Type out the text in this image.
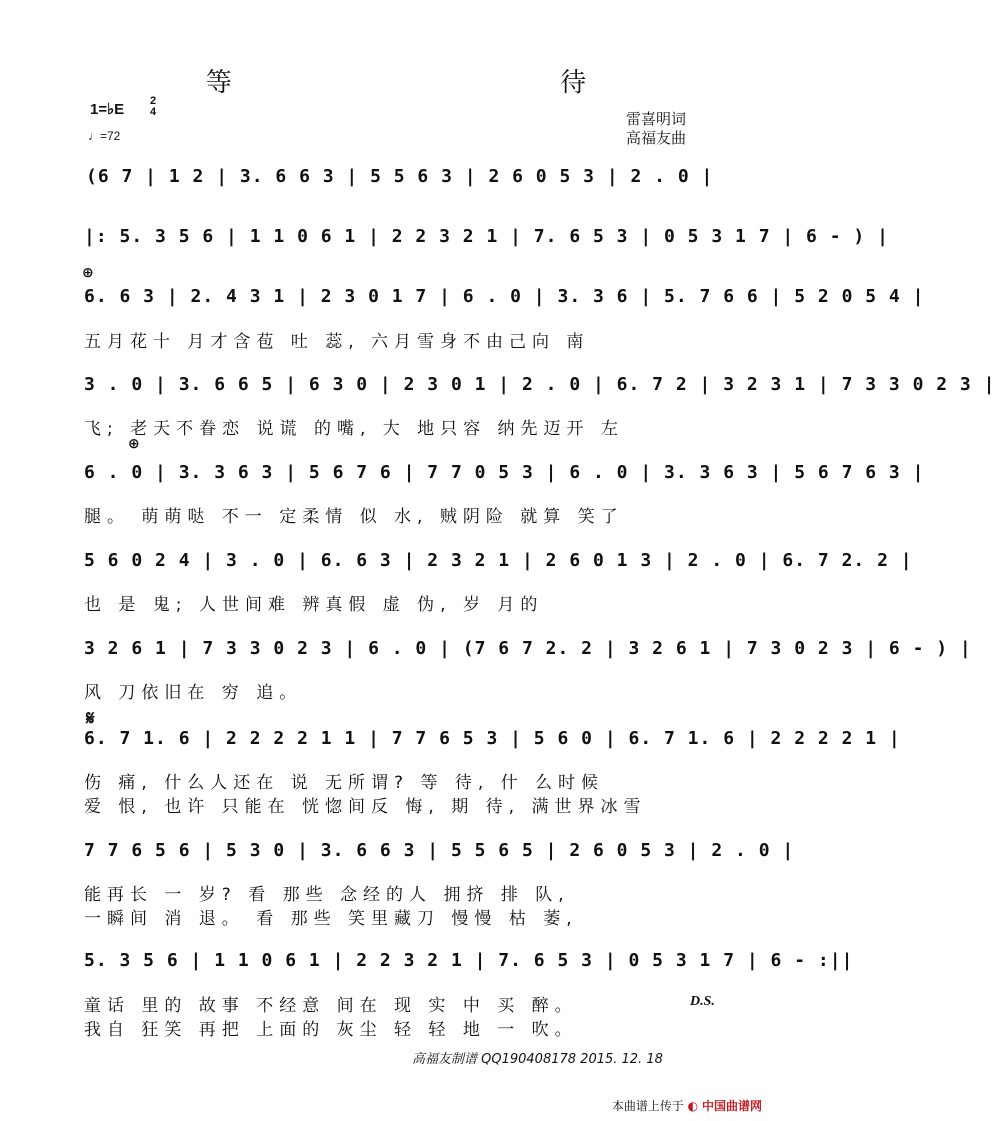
等 待
1=♭E 2
4
♩=72
雷喜明词
高福友曲
(6 7 | 1 2 | 3. 6 6 3 | 5 5 6 3 | 2 6 0 5 3 | 2 . 0 |
|: 5. 3 5 6 | 1 1 0 6 1 | 2 2 3 2 1 | 7. 6 5 3 | 0 5 3 1 7 | 6 - ) |
⊕
6. 6 3 | 2. 4 3 1 | 2 3 0 1 7 | 6 . 0 | 3. 3 6 | 5. 7 6 6 | 5 2 0 5 4 |
五月花十 月才含苞 吐 蕊, 六月雪身不由己向 南
3 . 0 | 3. 6 6 5 | 6 3 0 | 2 3 0 1 | 2 . 0 | 6. 7 2 | 3 2 3 1 | 7 3 3 0 2 3 |
飞; 老天不眷恋 说谎 的嘴, 大 地只容 纳先迈开 左
⊕
6 . 0 | 3. 3 6 3 | 5 6 7 6 | 7 7 0 5 3 | 6 . 0 | 3. 3 6 3 | 5 6 7 6 3 |
腿。 萌萌哒 不一 定柔情 似 水, 贼阴险 就算 笑了
5 6 0 2 4 | 3 . 0 | 6. 6 3 | 2 3 2 1 | 2 6 0 1 3 | 2 . 0 | 6. 7 2. 2 |
也 是 鬼; 人世间难 辨真假 虚 伪, 岁 月的
3 2 6 1 | 7 3 3 0 2 3 | 6 . 0 | (7 6 7 2. 2 | 3 2 6 1 | 7 3 0 2 3 | 6 - ) |
风 刀依旧在 穷 追。
𝄋
6. 7 1. 6 | 2 2 2 2 1 1 | 7 7 6 5 3 | 5 6 0 | 6. 7 1. 6 | 2 2 2 2 1 |
伤 痛, 什么人还在 说 无所谓? 等 待, 什 么时候
爱 恨, 也许 只能在 恍惚间反 悔, 期 待, 满世界冰雪
7 7 6 5 6 | 5 3 0 | 3. 6 6 3 | 5 5 6 5 | 2 6 0 5 3 | 2 . 0 |
能再长 一 岁? 看 那些 念经的人 拥挤 排 队,
一瞬间 消 退。 看 那些 笑里藏刀 慢慢 枯 萎,
5. 3 5 6 | 1 1 0 6 1 | 2 2 3 2 1 | 7. 6 5 3 | 0 5 3 1 7 | 6 - :||
童话 里的 故事 不经意 间在 现 实 中 买 醉。	D.S.
我自 狂笑 再把 上面的 灰尘 轻 轻 地 一 吹。
高福友制谱 QQ190408178 2015. 12. 18
本曲谱上传于 ◐ 中国曲谱网
